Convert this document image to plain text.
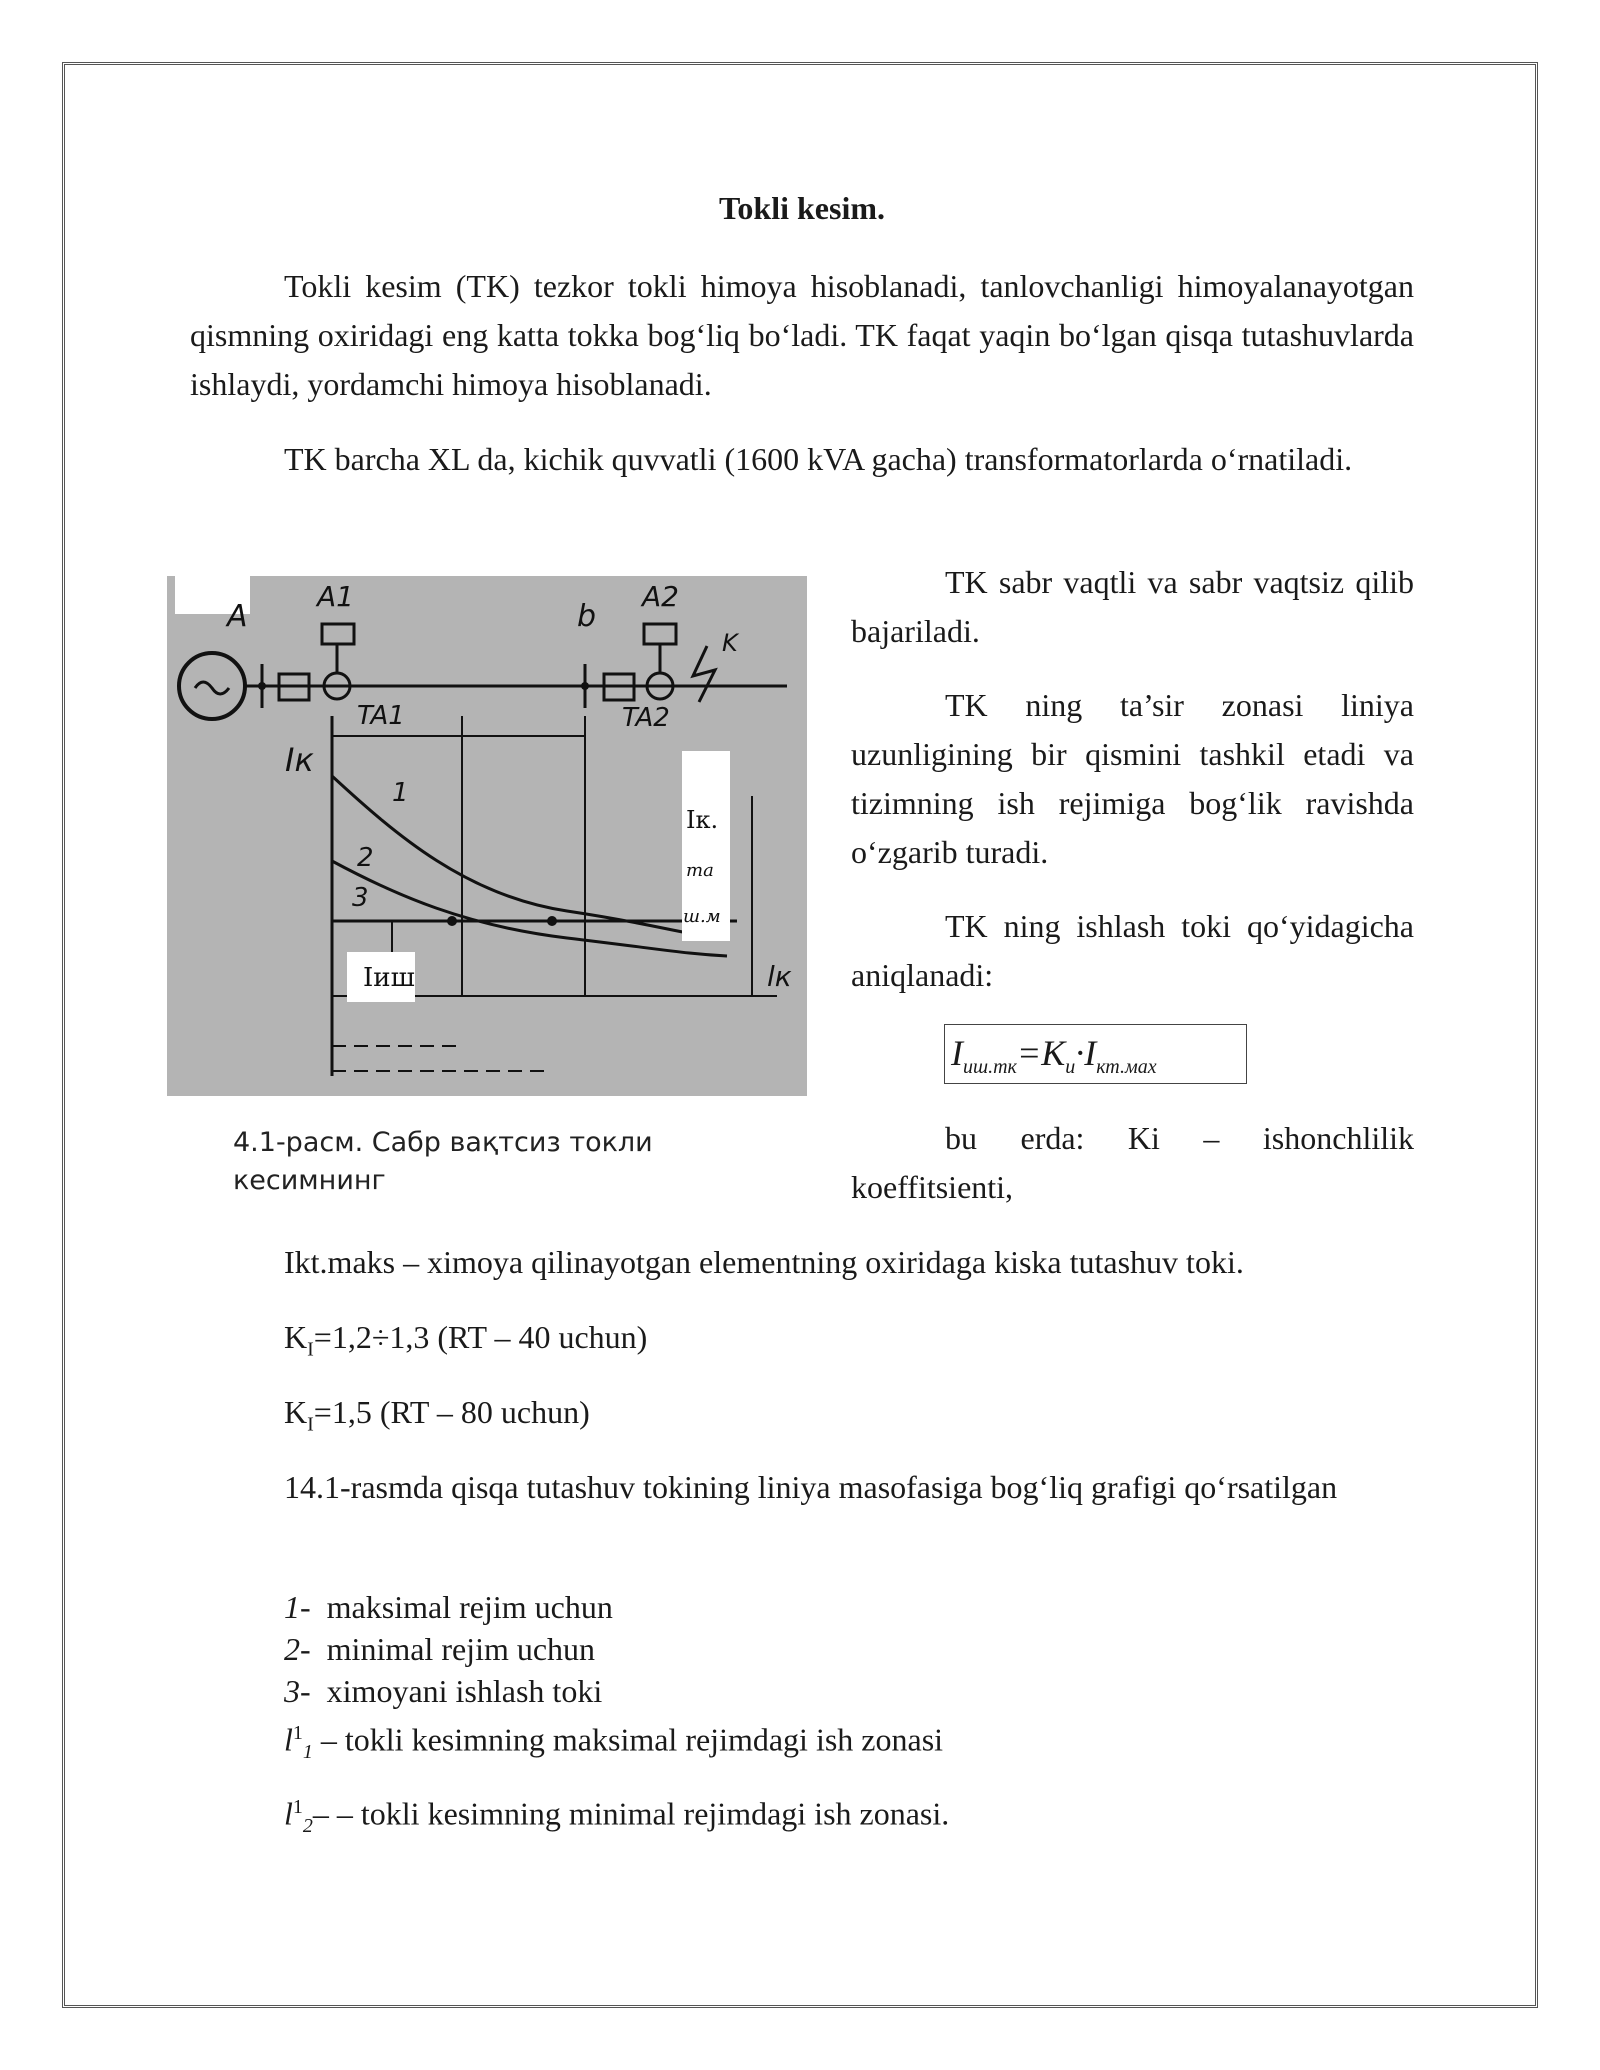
Tokli kesim.
Tokli kesim (TK) tezkor tokli himoya hisoblanadi, tanlovchanligi himoyalanayotgan qismning oxiridagi eng katta tokka bog‘liq bo‘ladi. TK faqat yaqin bo‘lgan qisqa tutashuvlarda ishlaydi, yordamchi himoya hisoblanadi.
TK barcha XL da, kichik quvvatli (1600 kVA gacha) transformatorlarda o‘rnatiladi.
A	b
A1	A2
TA1	TA2
Iк
K
lк
1
2
3
Iк.
та
ш.м
Iиш
4.1-расм. Сабр вақтсиз токли кесимнинг
TK sabr vaqtli va sabr vaqtsiz qilib bajariladi.
TK ning ta’sir zonasi liniya uzunligining bir qismini tashkil etadi va tizimning ish rejimiga bog‘lik ravishda o‘zgarib turadi.
TK ning ishlash toki qo‘yidagicha aniqlanadi:
$I_{иш.тк}=K_и\cdot I_{кт.мах}$
bu erda: Ki – ishonchlilik koeffitsienti,
Ikt.maks – ximoya qilinayotgan elementning oxiridaga kiska tutashuv toki.
$K_I=1,2\div 1,3$ (RT – 40 uchun)
$K_I=1,5$ (RT – 80 uchun)
14.1-rasmda qisqa tutashuv tokining liniya masofasiga bog‘liq grafigi qo‘rsatilgan
1- maksimal rejim uchun
2- minimal rejim uchun
3- ximoyani ishlash toki
$l^1_1$ – tokli kesimning maksimal rejimdagi ish zonasi
$l^1_2-$ – tokli kesimning minimal rejimdagi ish zonasi.
